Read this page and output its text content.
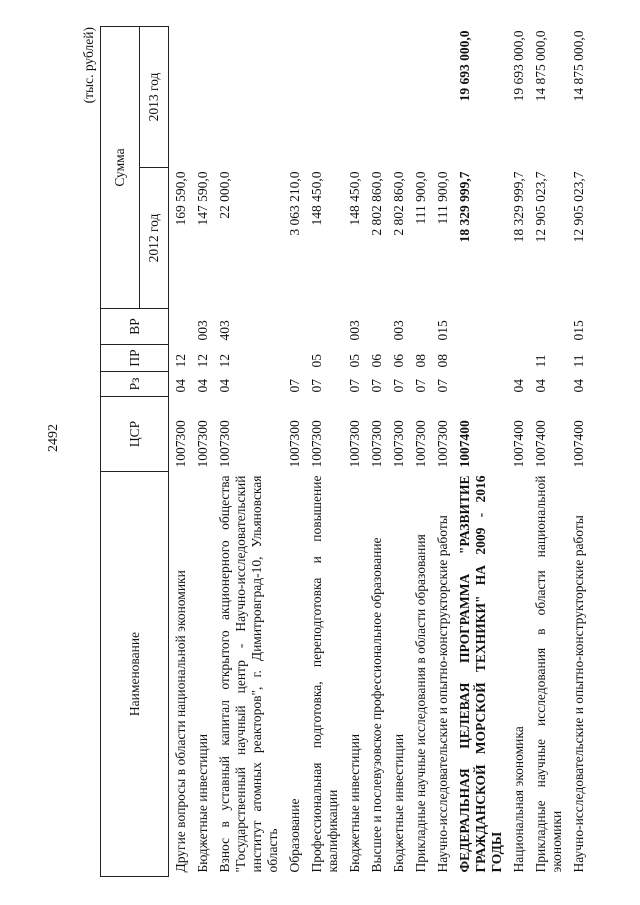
2492
(тыс. рублей)
Наименование	ЦСР	Рз	ПР	ВР	Сумма	
					2012 год	2013 год
Другие вопросы в области национальной экономики	1007300	04	12		169 590,0	
Бюджетные инвестиции	1007300	04	12	003	147 590,0	
Взнос в уставный капитал открытого акционерного общества "Государственный научный центр - Научно-исследовательский институт атомных реакторов", г. Димитровград-10, Ульяновская область	1007300	04	12	403	22 000,0	
Образование	1007300	07			3 063 210,0	
Профессиональная подготовка, переподготовка и повышение квалификации	1007300	07	05		148 450,0	
Бюджетные инвестиции	1007300	07	05	003	148 450,0	
Высшее и послевузовское профессиональное образование	1007300	07	06		2 802 860,0	
Бюджетные инвестиции	1007300	07	06	003	2 802 860,0	
Прикладные научные исследования в области образования	1007300	07	08		111 900,0	
Научно-исследовательские и опытно-конструкторские работы	1007300	07	08	015	111 900,0	
ФЕДЕРАЛЬНАЯ ЦЕЛЕВАЯ ПРОГРАММА "РАЗВИТИЕ ГРАЖДАНСКОЙ МОРСКОЙ ТЕХНИКИ" НА 2009 - 2016 ГОДЫ	1007400				18 329 999,7	19 693 000,0
Национальная экономика	1007400	04			18 329 999,7	19 693 000,0
Прикладные научные исследования в области национальной экономики	1007400	04	11		12 905 023,7	14 875 000,0
Научно-исследовательские и опытно-конструкторские работы	1007400	04	11	015	12 905 023,7	14 875 000,0
